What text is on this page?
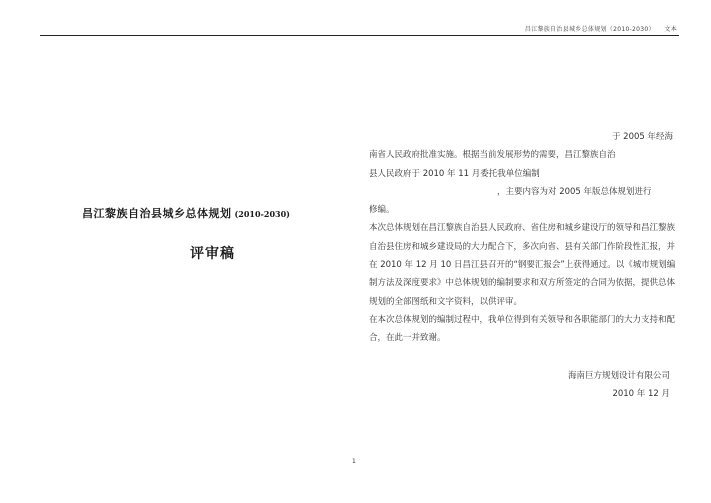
昌江黎族自治县城乡总体规划（2010-2030）　　文本
昌江黎族自治县城乡总体规划 (2010-2030)
评审稿

于 2005 年经海

南省人民政府批准实施。根据当前发展形势的需要，昌江黎族自治

县人民政府于 2010 年 11 月委托我单位编制

，主要内容为对 2005 年版总体规划进行

修编。

本次总体规划在昌江黎族自治县人民政府、省住房和城乡建设厅的领导和昌江黎族自治县住房和城乡建设局的大力配合下，多次向省、县有关部门作阶段性汇报，并在 2010 年 12 月 10 日昌江县召开的“钢要汇报会”上获得通过。以《城市规划编制方法及深度要求》中总体规划的编制要求和双方所签定的合同为依据，提供总体规划的全部图纸和文字资料，以供评审。

在本次总体规划的编制过程中，我单位得到有关领导和各职能部门的大力支持和配合，在此一并致谢。

海南巨方规划设计有限公司

2010 年 12 月

1
